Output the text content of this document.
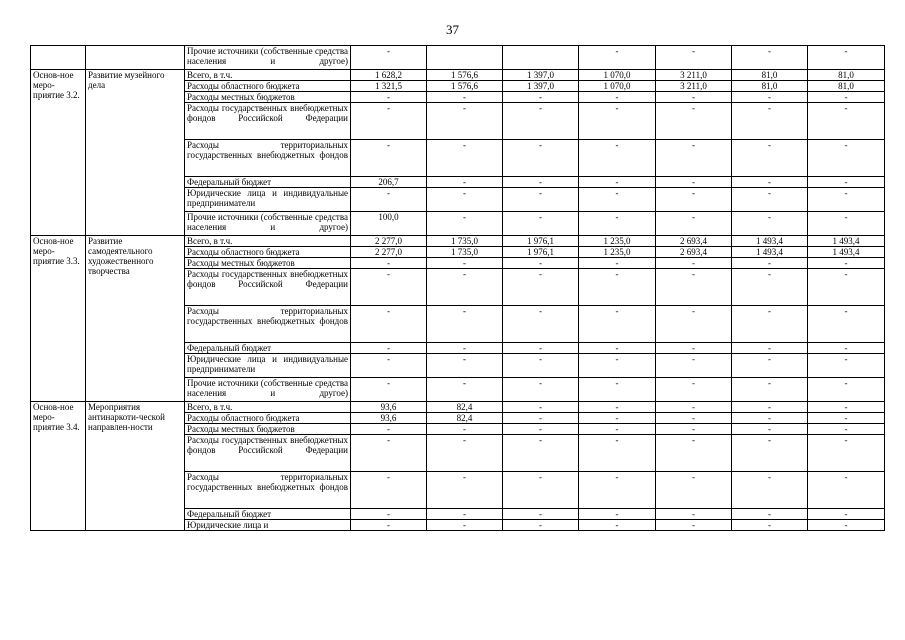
37
		Прочие источники (собственные средства населения и другое)	-			-	-	-	-
Основ-ное меро-приятие 3.2.	Развитие музейного дела	Всего, в т.ч.	1 628,2	1 576,6	1 397,0	1 070,0	3 211,0	81,0	81,0
		Расходы областного бюджета	1 321,5	1 576,6	1 397,0	1 070,0	3 211,0	81,0	81,0
		Расходы местных бюджетов	-	-	-	-	-	-	-
		Расходы государственных внебюджетных фондов Российской Федерации	-	-	-	-	-	-	-
		Расходы территориальных государственных внебюджетных фондов	-	-	-	-	-	-	-
		Федеральный бюджет	206,7	-	-	-	-	-	-
		Юридические лица и индивидуальные предприниматели	-	-	-	-	-	-	-
		Прочие источники (собственные средства населения и другое)	100,0	-	-	-	-	-	-
Основ-ное меро-приятие 3.3.	Развитие самодеятельного художественного творчества	Всего, в т.ч.	2 277,0	1 735,0	1 976,1	1 235,0	2 693,4	1 493,4	1 493,4
		Расходы областного бюджета	2 277,0	1 735,0	1 976,1	1 235,0	2 693,4	1 493,4	1 493,4
		Расходы местных бюджетов	-	-	-	-	-	-	-
		Расходы государственных внебюджетных фондов Российской Федерации	-	-	-	-	-	-	-
		Расходы территориальных государственных внебюджетных фондов	-	-	-	-	-	-	-
		Федеральный бюджет	-	-	-	-	-	-	-
		Юридические лица и индивидуальные предприниматели	-	-	-	-	-	-	-
		Прочие источники (собственные средства населения и другое)	-	-	-	-	-	-	-
Основ-ное меро-приятие 3.4.	Мероприятия антинаркоти-ческой направлен-ности	Всего, в т.ч.	93,6	82,4	-	-	-	-	-
		Расходы областного бюджета	93,6	82,4	-	-	-	-	-
		Расходы местных бюджетов	-	-	-	-	-	-	-
		Расходы государственных внебюджетных фондов Российской Федерации	-	-	-	-	-	-	-
		Расходы территориальных государственных внебюджетных фондов	-	-	-	-	-	-	-
		Федеральный бюджет	-	-	-	-	-	-	-
		Юридические лица и	-	-	-	-	-	-	-
